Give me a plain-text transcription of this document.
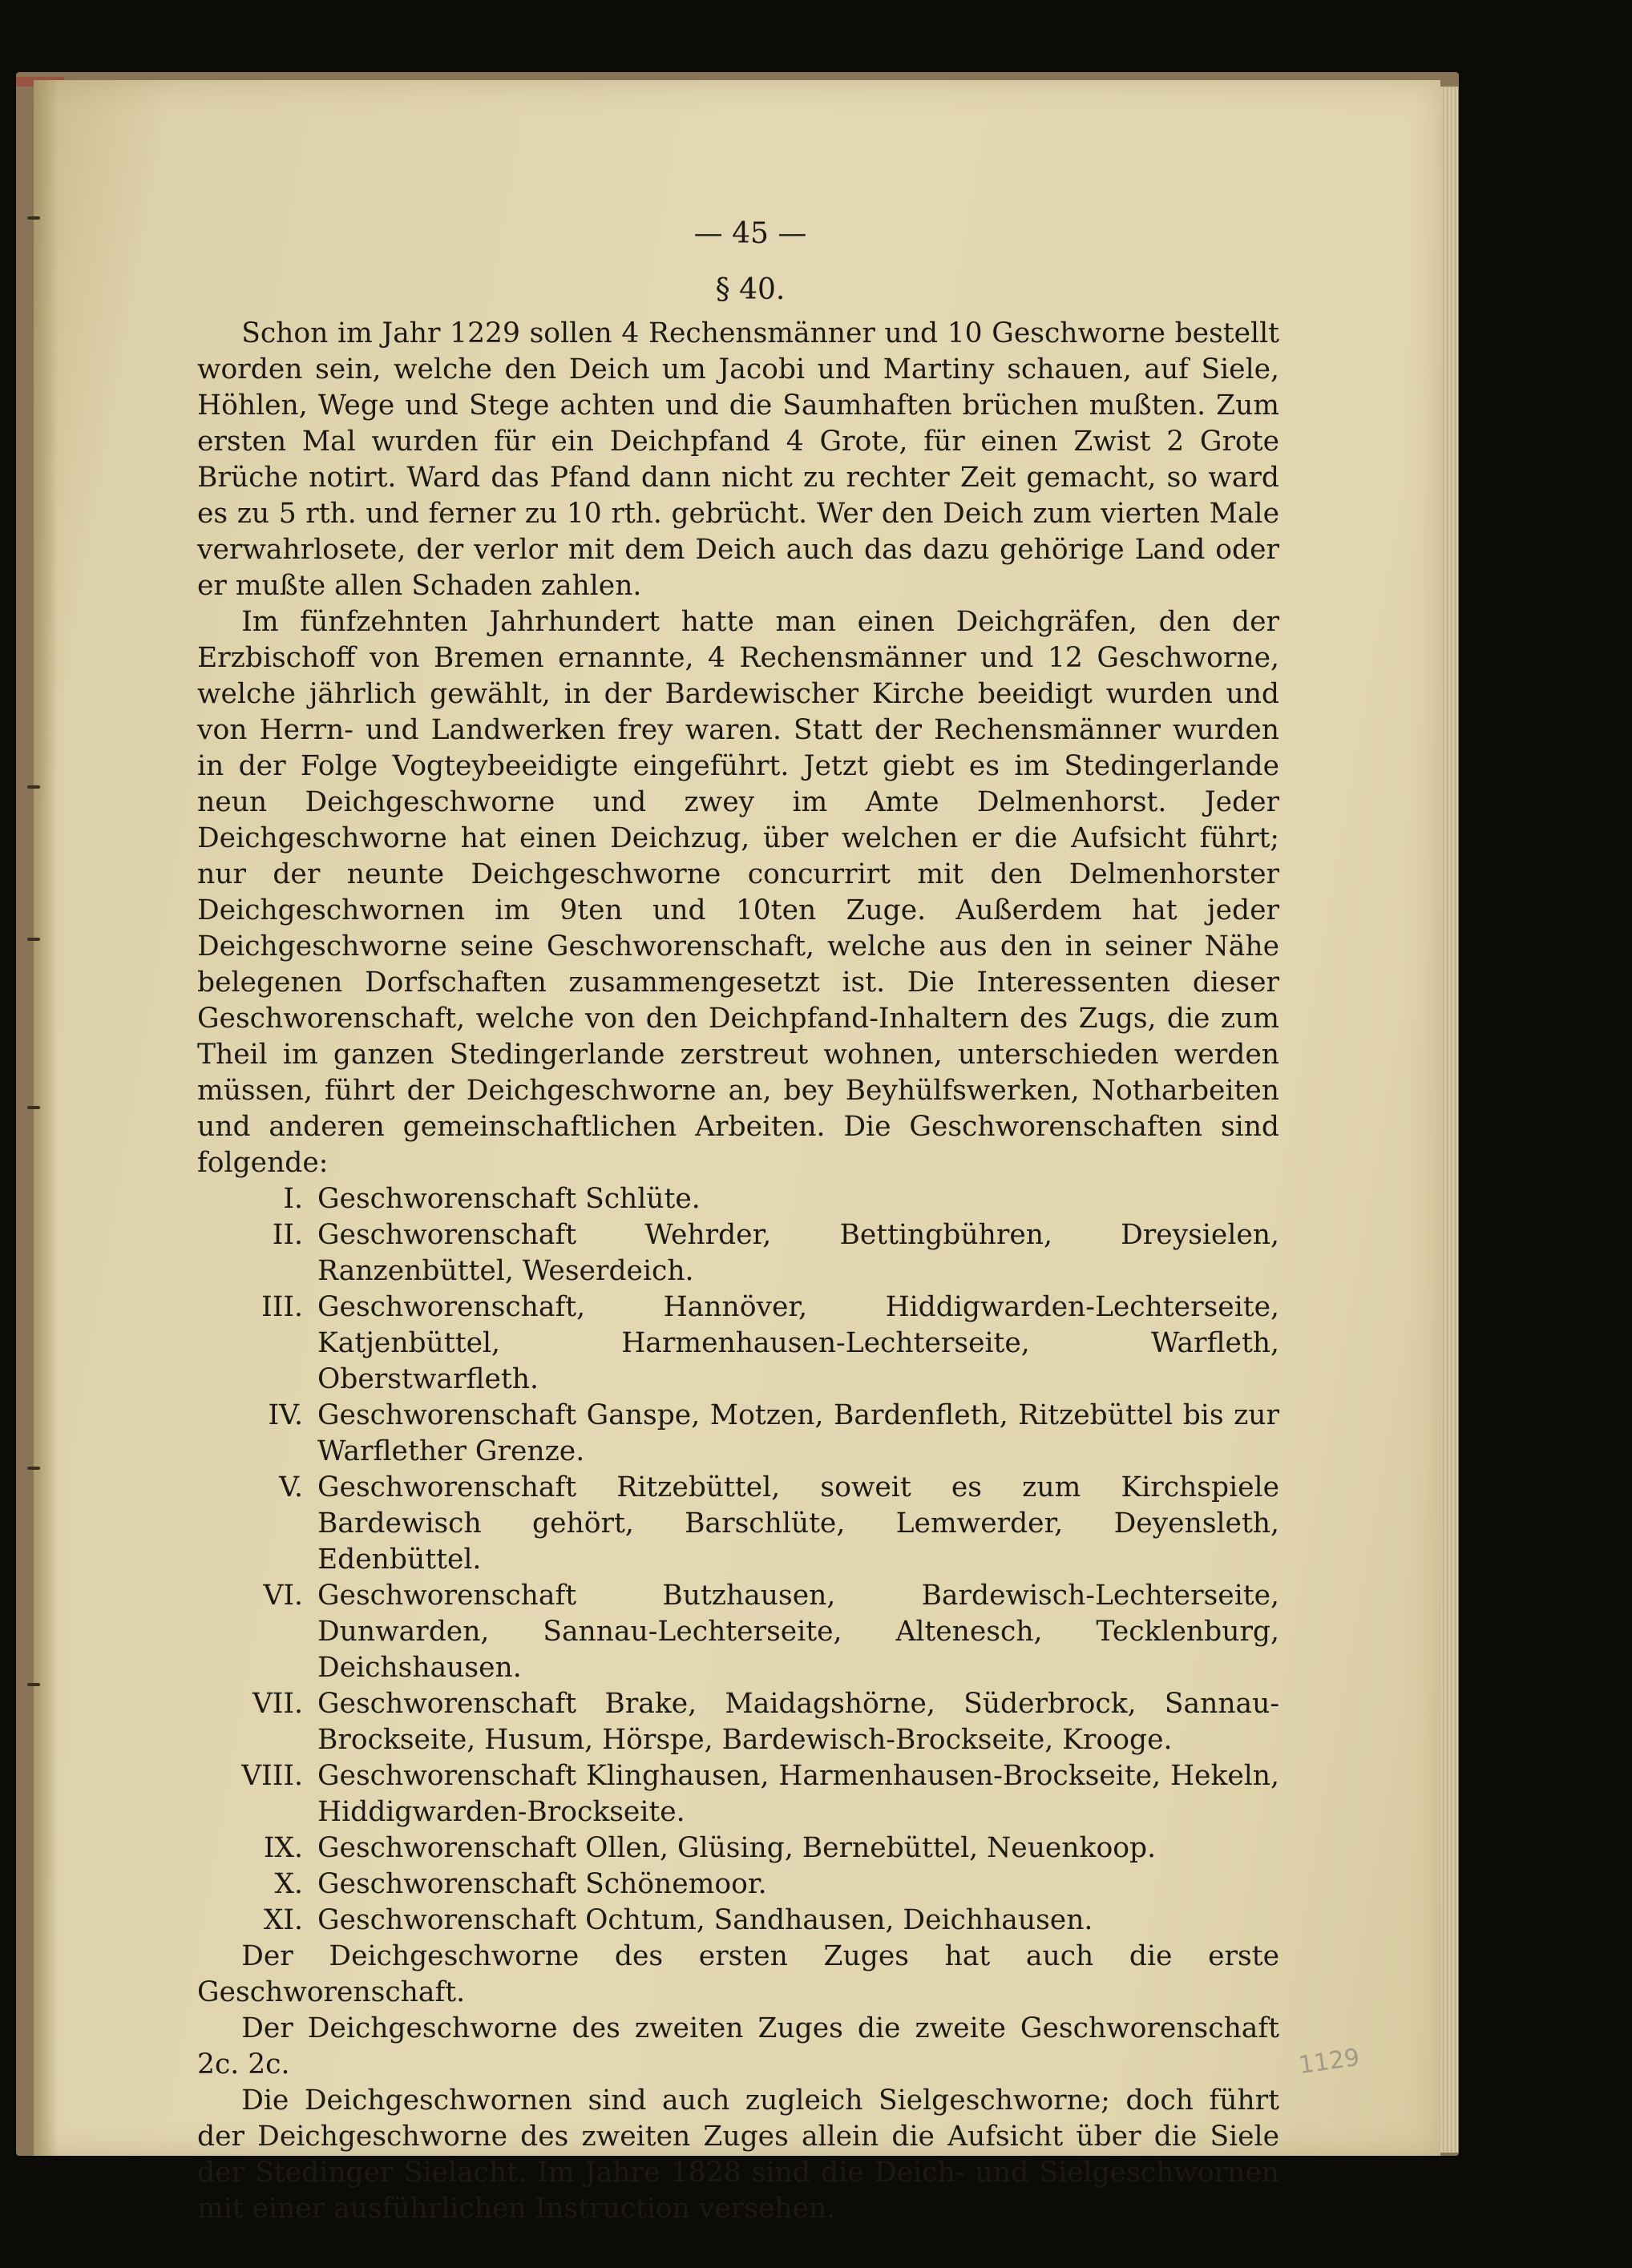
— 45 —
§ 40.

Schon im Jahr 1229 sollen 4 Rechensmänner und 10 Geschworne bestellt worden sein, welche den Deich um Jacobi und Martiny schauen, auf Siele, Höhlen, Wege und Stege achten und die Saumhaften brüchen mußten. Zum ersten Mal wurden für ein Deichpfand 4 Grote, für einen Zwist 2 Grote Brüche notirt. Ward das Pfand dann nicht zu rechter Zeit gemacht, so ward es zu 5 rth. und ferner zu 10 rth. gebrücht. Wer den Deich zum vierten Male verwahrlosete, der verlor mit dem Deich auch das dazu gehörige Land oder er mußte allen Schaden zahlen.

Im fünfzehnten Jahrhundert hatte man einen Deichgräfen, den der Erzbischoff von Bremen ernannte, 4 Rechensmänner und 12 Geschworne, welche jährlich gewählt, in der Bardewischer Kirche beeidigt wurden und von Herrn- und Landwerken frey waren. Statt der Rechensmänner wurden in der Folge Vogteybeeidigte eingeführt. Jetzt giebt es im Stedingerlande neun Deichgeschworne und zwey im Amte Delmenhorst. Jeder Deichgeschworne hat einen Deichzug, über welchen er die Aufsicht führt; nur der neunte Deichgeschworne concurrirt mit den Delmenhorster Deichgeschwornen im 9ten und 10ten Zuge. Außerdem hat jeder Deichgeschworne seine Geschworenschaft, welche aus den in seiner Nähe belegenen Dorfschaften zusammengesetzt ist. Die Interessenten dieser Geschworenschaft, welche von den Deichpfand-Inhaltern des Zugs, die zum Theil im ganzen Stedingerlande zerstreut wohnen, unterschieden werden müssen, führt der Deichgeschworne an, bey Beyhülfswerken, Notharbeiten und anderen gemeinschaftlichen Arbeiten. Die Geschworenschaften sind folgende:

I. Geschworenschaft Schlüte.
II. Geschworenschaft Wehrder, Bettingbühren, Dreysielen, Ranzenbüttel, Weserdeich.
III. Geschworenschaft, Hannöver, Hiddigwarden-Lechterseite, Katjenbüttel, Harmenhausen-Lechterseite, Warfleth, Oberstwarfleth.
IV. Geschworenschaft Ganspe, Motzen, Bardenfleth, Ritzebüttel bis zur Warflether Grenze.
V. Geschworenschaft Ritzebüttel, soweit es zum Kirchspiele Bardewisch gehört, Barschlüte, Lemwerder, Deyensleth, Edenbüttel.
VI. Geschworenschaft Butzhausen, Bardewisch-Lechterseite, Dunwarden, Sannau-Lechterseite, Altenesch, Tecklenburg, Deichshausen.
VII. Geschworenschaft Brake, Maidagshörne, Süderbrock, Sannau-Brockseite, Husum, Hörspe, Bardewisch-Brockseite, Krooge.
VIII. Geschworenschaft Klinghausen, Harmenhausen-Brockseite, Hekeln, Hiddigwarden-Brockseite.
IX. Geschworenschaft Ollen, Glüsing, Bernebüttel, Neuenkoop.
X. Geschworenschaft Schönemoor.
XI. Geschworenschaft Ochtum, Sandhausen, Deichhausen.

Der Deichgeschworne des ersten Zuges hat auch die erste Geschworenschaft.

Der Deichgeschworne des zweiten Zuges die zweite Geschworenschaft 2c. 2c.

Die Deichgeschwornen sind auch zugleich Sielgeschworne; doch führt der Deichgeschworne des zweiten Zuges allein die Aufsicht über die Siele der Stedinger Sielacht. Im Jahre 1828 sind die Deich- und Sielgeschwornen mit einer ausführlichen Instruction versehen.

1129
